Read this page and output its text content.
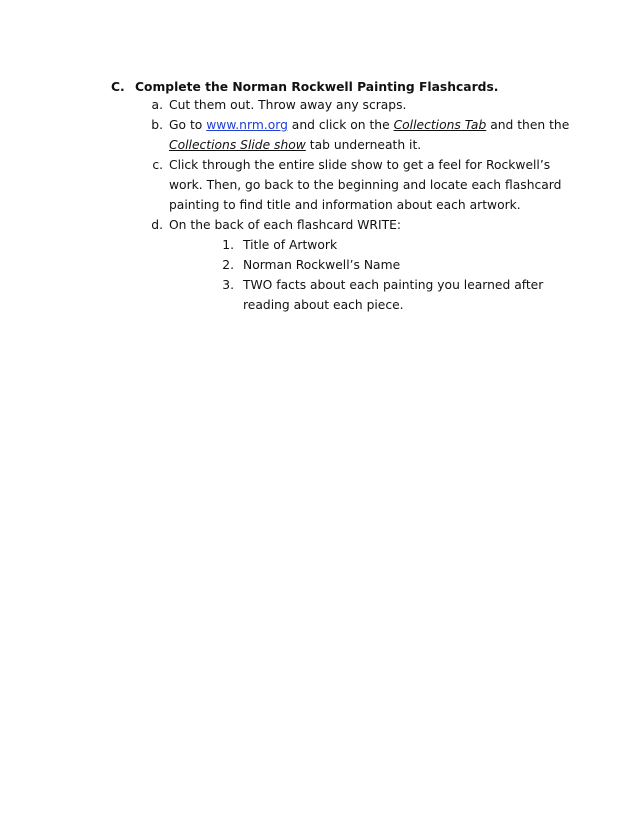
C. Complete the Norman Rockwell Painting Flashcards.
a. Cut them out. Throw away any scraps.
b. Go to www.nrm.org and click on the Collections Tab and then the
Collections Slide show tab underneath it.
c. Click through the entire slide show to get a feel for Rockwell’s
work. Then, go back to the beginning and locate each flashcard
painting to find title and information about each artwork.
d. On the back of each flashcard WRITE:
1. Title of Artwork
2. Norman Rockwell’s Name
3. TWO facts about each painting you learned after
reading about each piece.
